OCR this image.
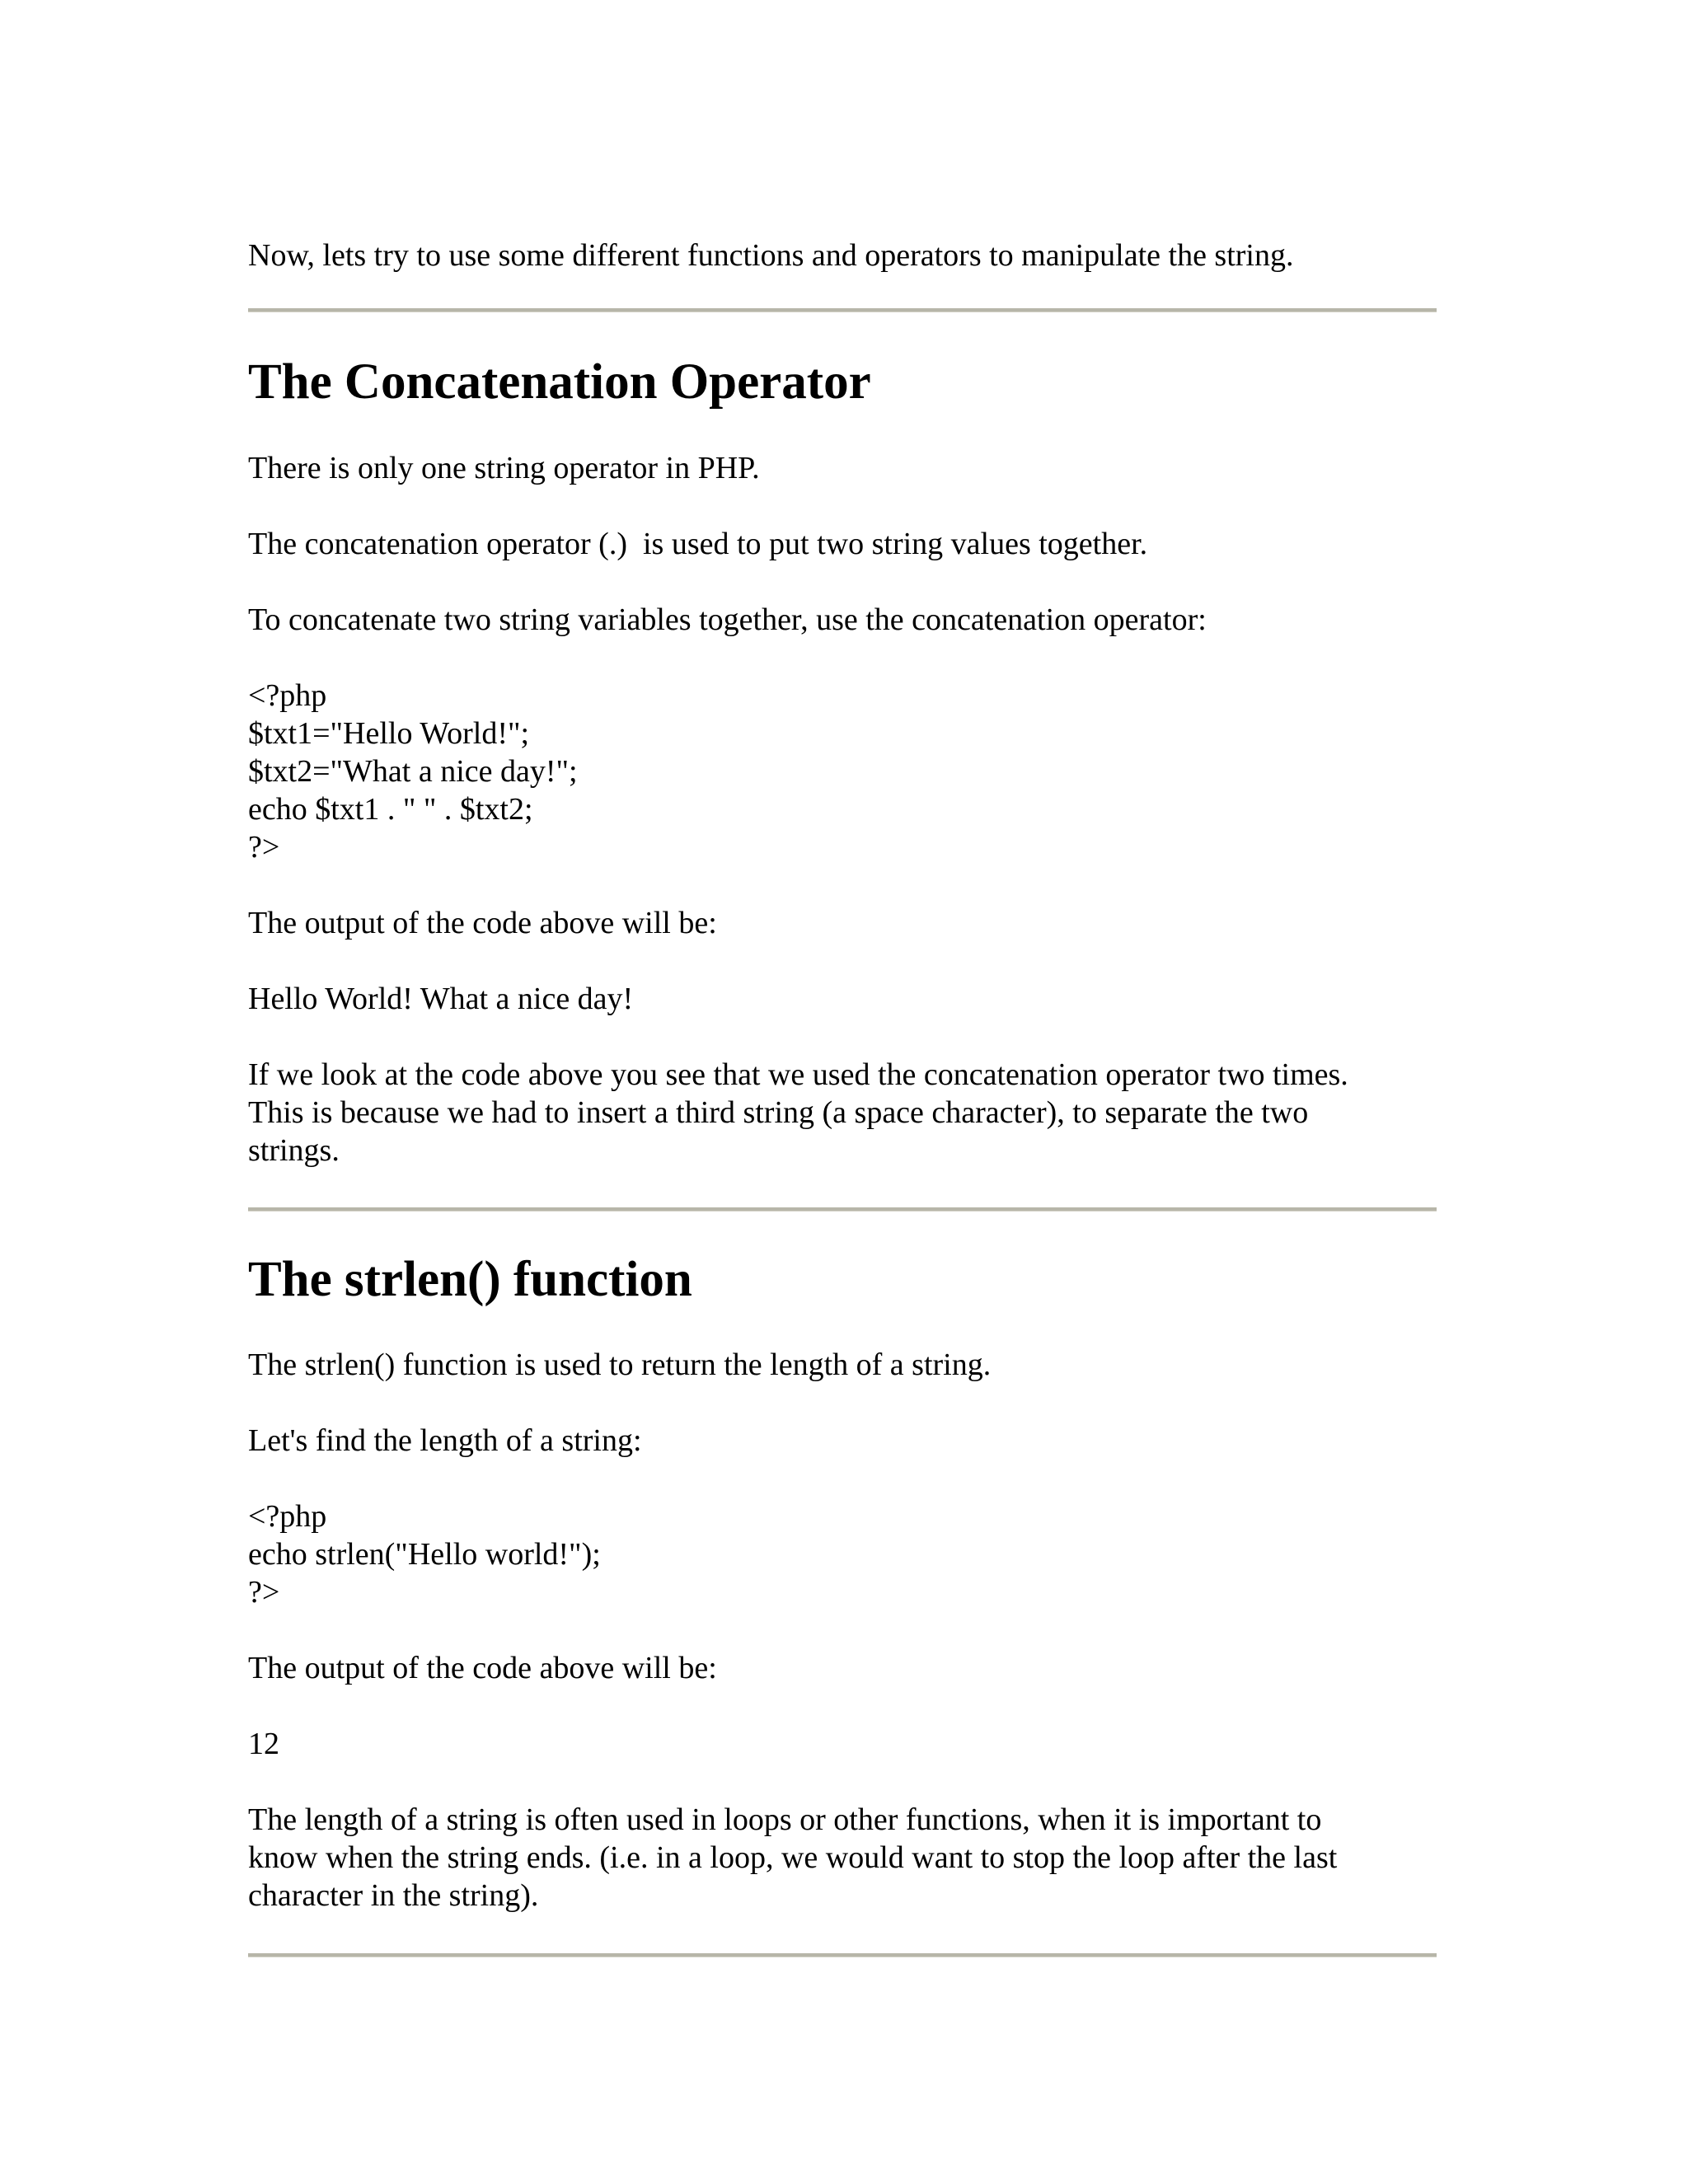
Now, lets try to use some different functions and operators to manipulate the string.

The Concatenation Operator

There is only one string operator in PHP.

The concatenation operator (.)  is used to put two string values together.

To concatenate two string variables together, use the concatenation operator:

<?php

$txt1="Hello World!";

$txt2="What a nice day!";

echo $txt1 . " " . $txt2;

?>

The output of the code above will be:

Hello World! What a nice day!

If we look at the code above you see that we used the concatenation operator two times.

This is because we had to insert a third string (a space character), to separate the two

strings.

The strlen() function

The strlen() function is used to return the length of a string.

Let's find the length of a string:

<?php

echo strlen("Hello world!");

?>

The output of the code above will be:

12

The length of a string is often used in loops or other functions, when it is important to

know when the string ends. (i.e. in a loop, we would want to stop the loop after the last

character in the string).
